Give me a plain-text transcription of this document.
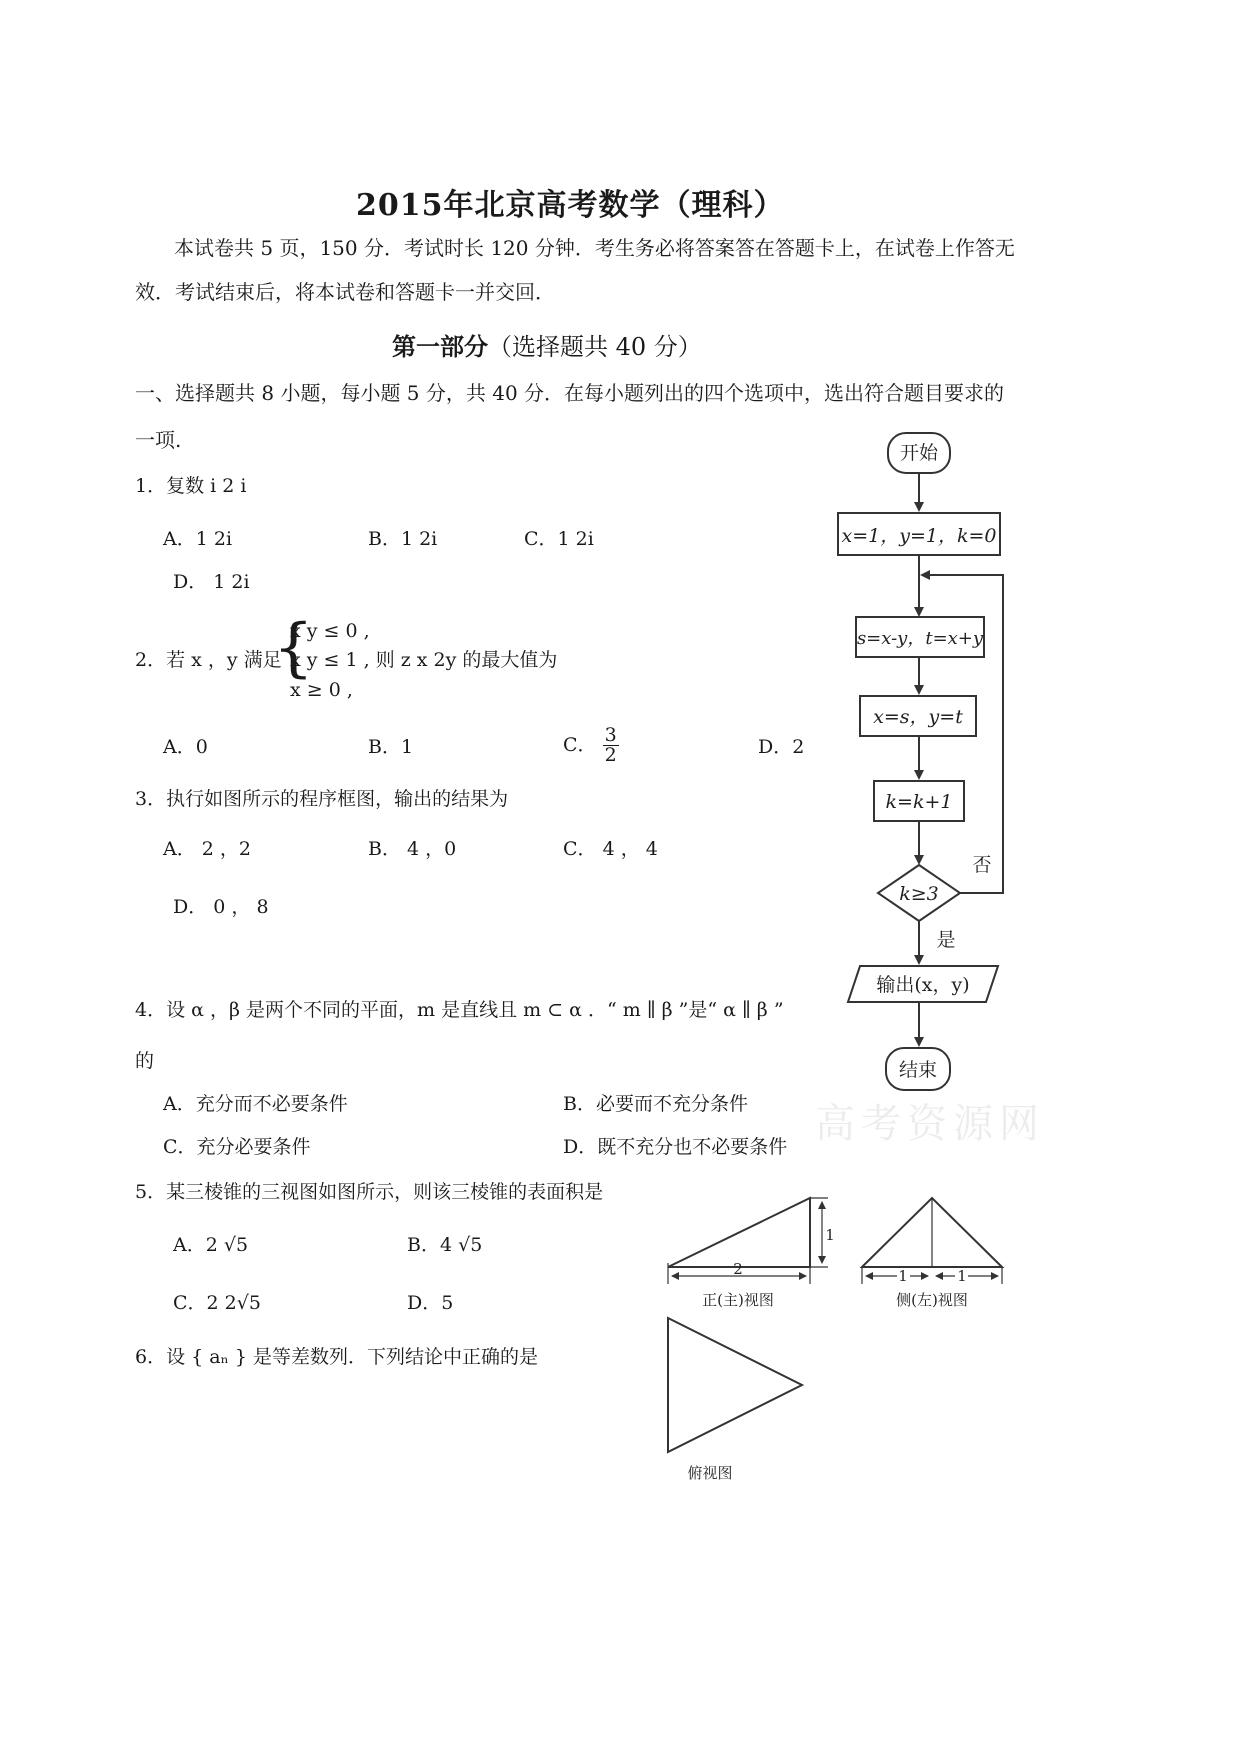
2015年北京高考数学（理科）
本试卷共 5 页，150 分．考试时长 120 分钟．考生务必将答案答在答题卡上，在试卷上作答无
效．考试结束后，将本试卷和答题卡一并交回．
第一部分（选择题共 40 分）
一、选择题共 8 小题，每小题 5 分，共 40 分．在每小题列出的四个选项中，选出符合题目要求的
一项.
1．复数 i 2 i
A．1 2i	B．1 2i	C．1 2i
D． 1 2i
2．若 x ，y 满足
{
x y ≤ 0 ,
x y ≤ 1 , 则 z x 2y 的最大值为
x ≥ 0 ,
A．0	B．1	C． $\frac{3}{2}$	D．2
3．执行如图所示的程序框图，输出的结果为
A． 2 ，2	B． 4 ，0	C． 4 ， 4
D． 0 ， 8
4．设 α ，β 是两个不同的平面，m 是直线且 m ⊂ α ．“ m ∥ β ”是“ α ∥ β ”
的
A．充分而不必要条件	B．必要而不充分条件
C．充分必要条件	D．既不充分也不必要条件
5．某三棱锥的三视图如图所示，则该三棱锥的表面积是
A．2 √5	B．4 √5
C．2 2√5	D．5
6．设 { aₙ } 是等差数列．下列结论中正确的是
高考资源网
开始
x=1，y=1，k=0
s=x-y，t=x+y
x=s，y=t
k=k+1
k≥3
否
是
输出(x，y)
结束
2
1
1	1
正(主)视图	侧(左)视图
俯视图
